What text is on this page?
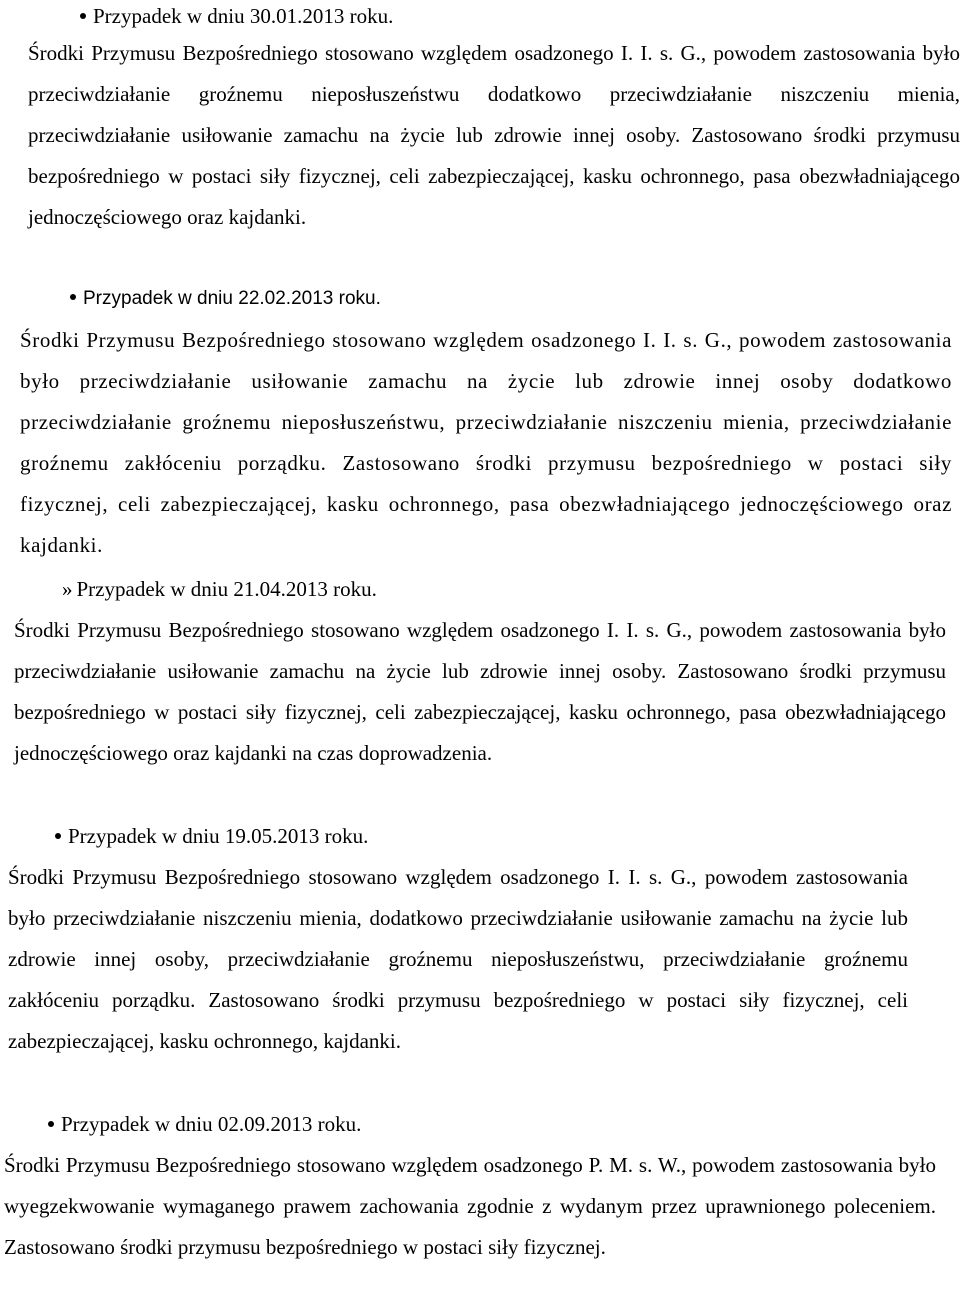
Przypadek w dniu 30.01.2013 roku.

Środki Przymusu Bezpośredniego stosowano względem osadzonego I. I. s. G., powodem zastosowania było przeciwdziałanie groźnemu nieposłuszeństwu dodatkowo przeciwdziałanie niszczeniu mienia, przeciwdziałanie usiłowanie zamachu na życie lub zdrowie innej osoby. Zastosowano środki przymusu bezpośredniego w postaci siły fizycznej, celi zabezpieczającej, kasku ochronnego, pasa obezwładniającego jednoczęściowego oraz kajdanki.

Przypadek w dniu 22.02.2013 roku.

Środki Przymusu Bezpośredniego stosowano względem osadzonego I. I. s. G., powodem zastosowania było przeciwdziałanie usiłowanie zamachu na życie lub zdrowie innej osoby dodatkowo przeciwdziałanie groźnemu nieposłuszeństwu, przeciwdziałanie niszczeniu mienia, przeciwdziałanie groźnemu zakłóceniu porządku. Zastosowano środki przymusu bezpośredniego w postaci siły fizycznej, celi zabezpieczającej, kasku ochronnego, pasa obezwładniającego jednoczęściowego oraz kajdanki.

» Przypadek w dniu 21.04.2013 roku.

Środki Przymusu Bezpośredniego stosowano względem osadzonego I. I. s. G., powodem zastosowania było przeciwdziałanie usiłowanie zamachu na życie lub zdrowie innej osoby. Zastosowano środki przymusu bezpośredniego w postaci siły fizycznej, celi zabezpieczającej, kasku ochronnego, pasa obezwładniającego jednoczęściowego oraz kajdanki na czas doprowadzenia.

Przypadek w dniu 19.05.2013 roku.

Środki Przymusu Bezpośredniego stosowano względem osadzonego I. I. s. G., powodem zastosowania było przeciwdziałanie niszczeniu mienia, dodatkowo przeciwdziałanie usiłowanie zamachu na życie lub zdrowie innej osoby, przeciwdziałanie groźnemu nieposłuszeństwu, przeciwdziałanie groźnemu zakłóceniu porządku. Zastosowano środki przymusu bezpośredniego w postaci siły fizycznej, celi zabezpieczającej, kasku ochronnego, kajdanki.

Przypadek w dniu 02.09.2013 roku.

Środki Przymusu Bezpośredniego stosowano względem osadzonego P. M. s. W., powodem zastosowania było wyegzekwowanie wymaganego prawem zachowania zgodnie z wydanym przez uprawnionego poleceniem. Zastosowano środki przymusu bezpośredniego w postaci siły fizycznej.
